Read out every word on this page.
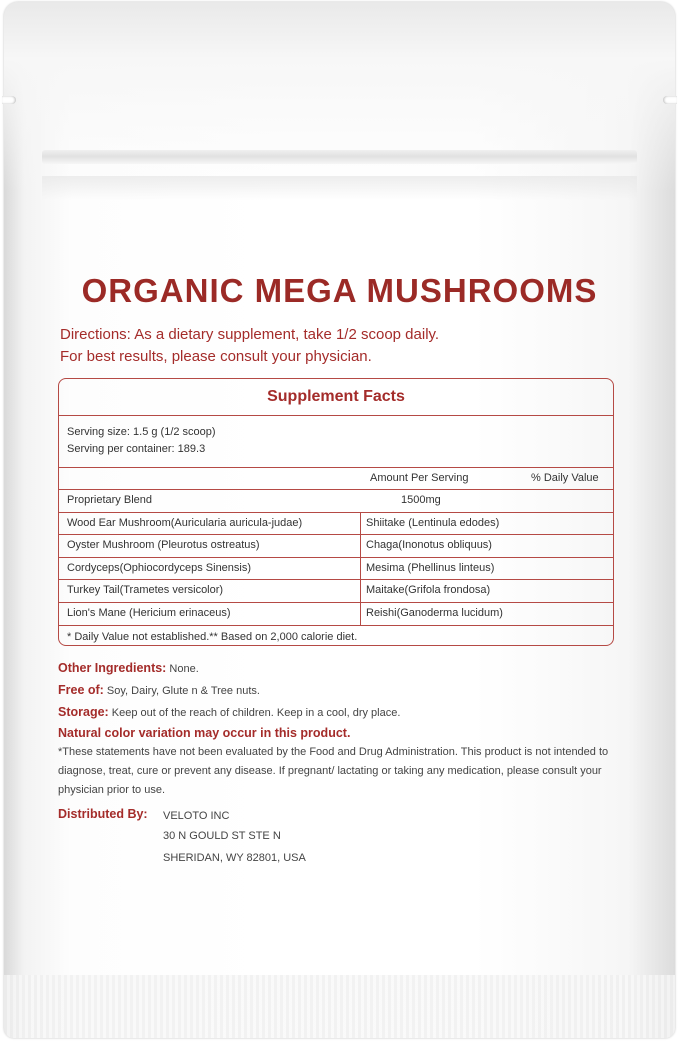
ORGANIC MEGA MUSHROOMS
Directions: As a dietary supplement, take 1/2 scoop daily.
For best results, please consult your physician.
Supplement Facts
Serving size: 1.5 g (1/2 scoop)
Serving per container: 189.3
Amount Per Serving	% Daily Value
Proprietary Blend	1500mg
Wood Ear Mushroom(Auricularia auricula-judae)	Shiitake (Lentinula edodes)
Oyster Mushroom (Pleurotus ostreatus)	Chaga(Inonotus obliquus)
Cordyceps(Ophiocordyceps Sinensis)	Mesima (Phellinus linteus)
Turkey Tail(Trametes versicolor)	Maitake(Grifola frondosa)
Lion's Mane (Hericium erinaceus)	Reishi(Ganoderma lucidum)
* Daily Value not established.** Based on 2,000 calorie diet.
Other Ingredients: None.
Free of: Soy, Dairy, Glute n & Tree nuts.
Storage: Keep out of the reach of children. Keep in a cool, dry place.
Natural color variation may occur in this product.
*These statements have not been evaluated by the Food and Drug Administration. This product is not intended to diagnose, treat, cure or prevent any disease. If pregnant/ lactating or taking any medication, please consult your physician prior to use.
Distributed By: VELOTO INC
30 N GOULD ST STE N
SHERIDAN, WY 82801, USA
